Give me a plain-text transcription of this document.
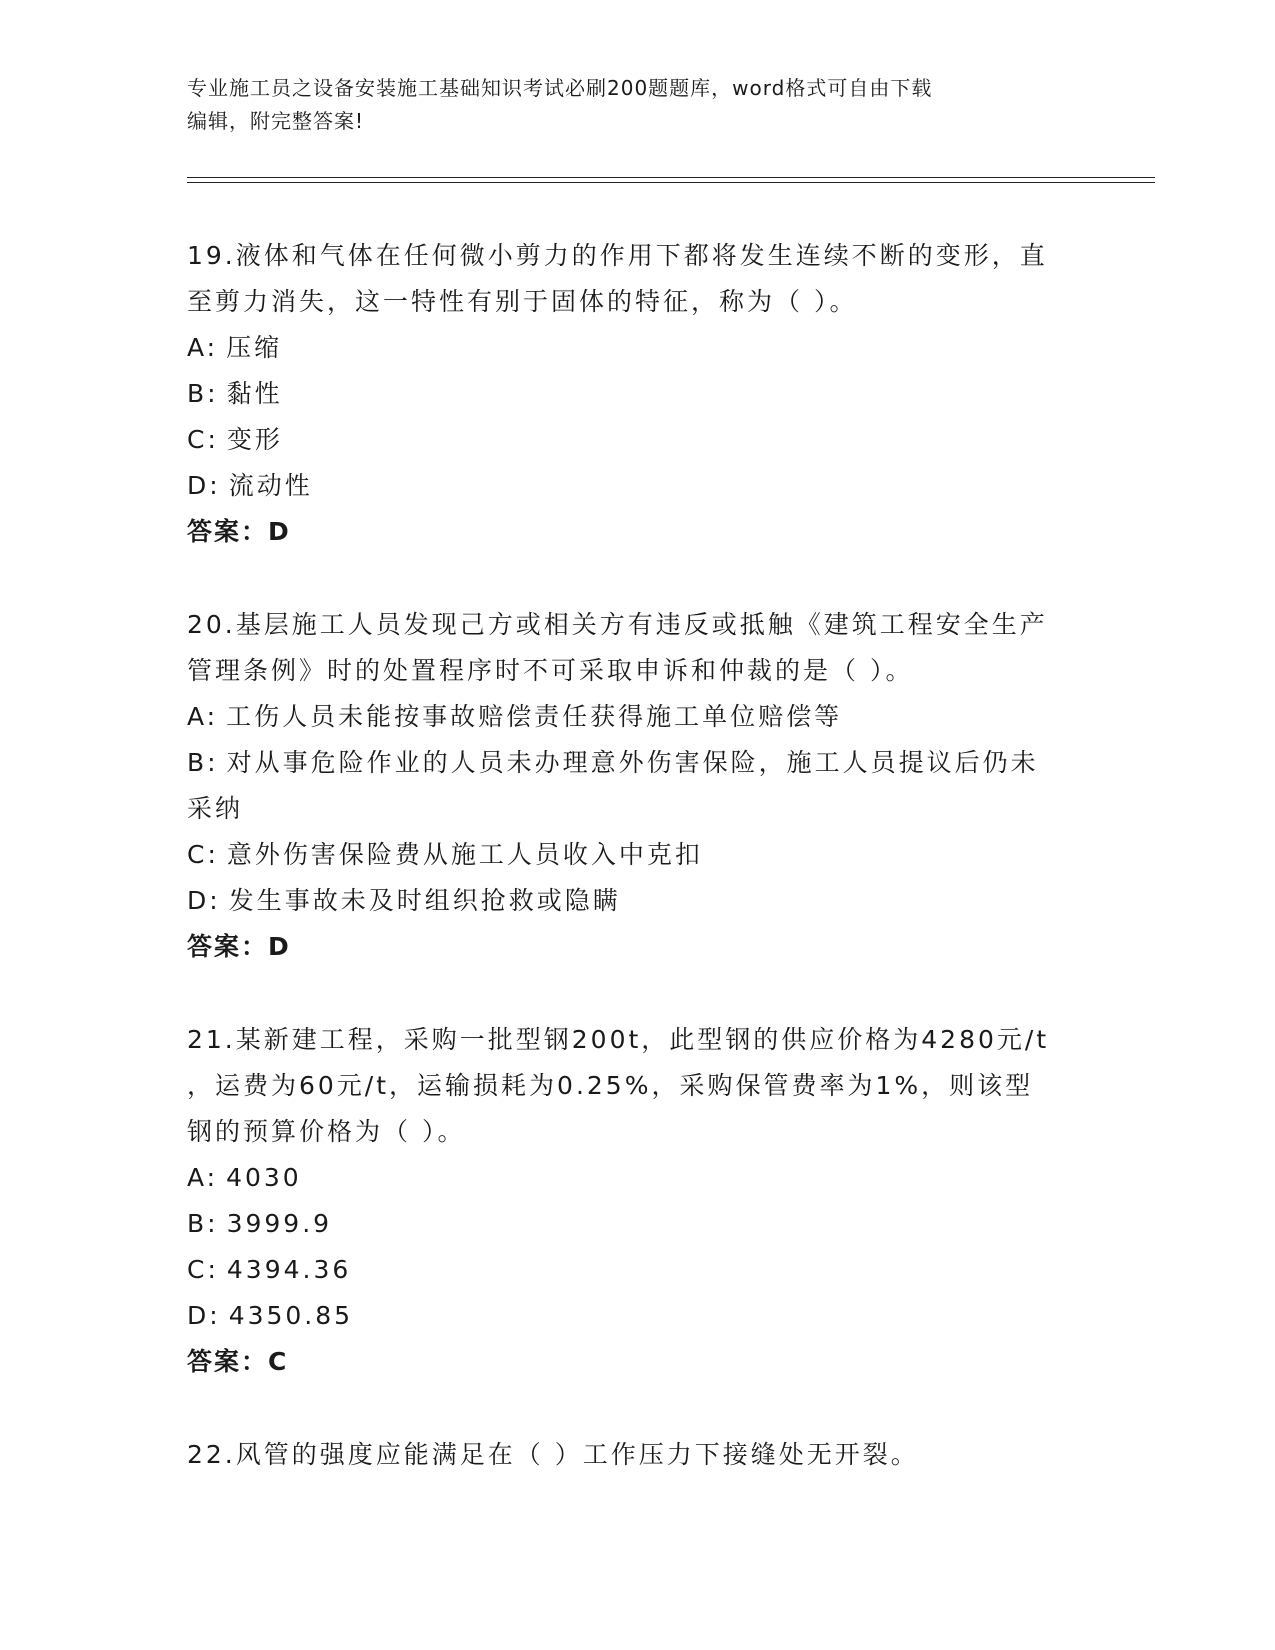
专业施工员之设备安装施工基础知识考试必刷200题题库，word格式可自由下载
编辑，附完整答案!
19.液体和气体在任何微小剪力的作用下都将发生连续不断的变形，直
至剪力消失，这一特性有别于固体的特征，称为（ ）。
A: 压缩
B: 黏性
C: 变形
D: 流动性
答案：D
20.基层施工人员发现己方或相关方有违反或抵触《建筑工程安全生产
管理条例》时的处置程序时不可采取申诉和仲裁的是（ ）。
A: 工伤人员未能按事故赔偿责任获得施工单位赔偿等
B: 对从事危险作业的人员未办理意外伤害保险，施工人员提议后仍未
采纳
C: 意外伤害保险费从施工人员收入中克扣
D: 发生事故未及时组织抢救或隐瞒
答案：D
21.某新建工程，采购一批型钢200t，此型钢的供应价格为4280元/t
，运费为60元/t，运输损耗为0.25%，采购保管费率为1%，则该型
钢的预算价格为（ ）。
A: 4030
B: 3999.9
C: 4394.36
D: 4350.85
答案：C
22.风管的强度应能满足在（ ）工作压力下接缝处无开裂。
